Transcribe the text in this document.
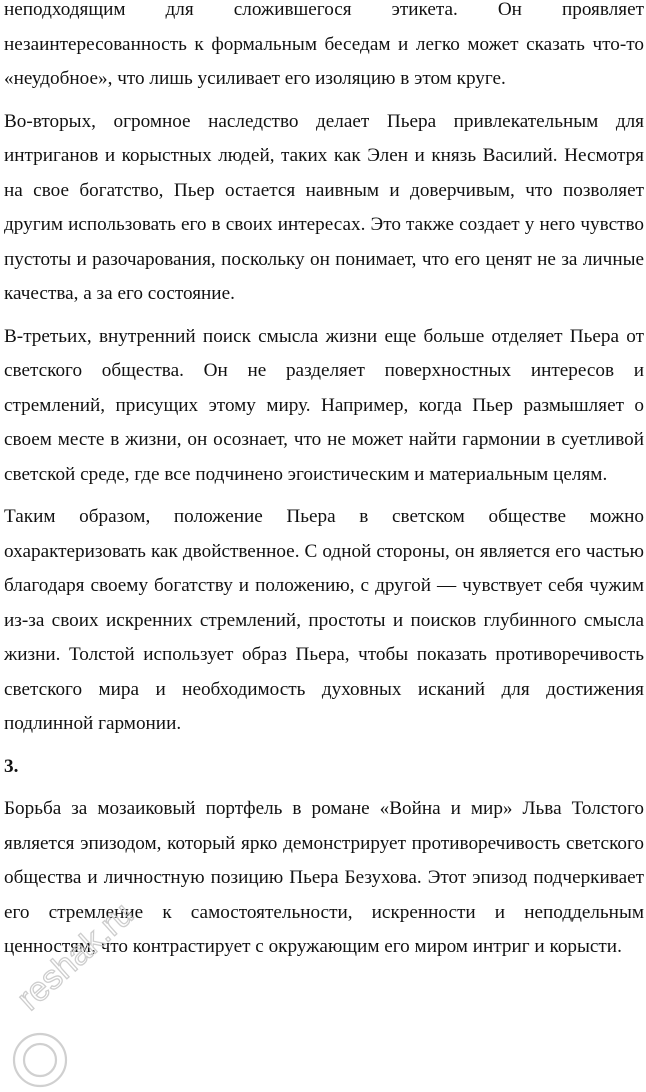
неподходящим для сложившегося этикета. Он проявляет незаинтересованность к формальным беседам и легко может сказать что-то «неудобное», что лишь усиливает его изоляцию в этом круге.

Во-вторых, огромное наследство делает Пьера привлекательным для интриганов и корыстных людей, таких как Элен и князь Василий. Несмотря на свое богатство, Пьер остается наивным и доверчивым, что позволяет другим использовать его в своих интересах. Это также создает у него чувство пустоты и разочарования, поскольку он понимает, что его ценят не за личные качества, а за его состояние.

В-третьих, внутренний поиск смысла жизни еще больше отделяет Пьера от светского общества. Он не разделяет поверхностных интересов и стремлений, присущих этому миру. Например, когда Пьер размышляет о своем месте в жизни, он осознает, что не может найти гармонии в суетливой светской среде, где все подчинено эгоистическим и материальным целям.

Таким образом, положение Пьера в светском обществе можно охарактеризовать как двойственное. С одной стороны, он является его частью благодаря своему богатству и положению, с другой — чувствует себя чужим из-за своих искренних стремлений, простоты и поисков глубинного смысла жизни. Толстой использует образ Пьера, чтобы показать противоречивость светского мира и необходимость духовных исканий для достижения подлинной гармонии.

3.

Борьба за мозаиковый портфель в романе «Война и мир» Льва Толстого является эпизодом, который ярко демонстрирует противоречивость светского общества и личностную позицию Пьера Безухова. Этот эпизод подчеркивает его стремление к самостоятельности, искренности и неподдельным ценностям, что контрастирует с окружающим его миром интриг и корысти.

reshak.ru
